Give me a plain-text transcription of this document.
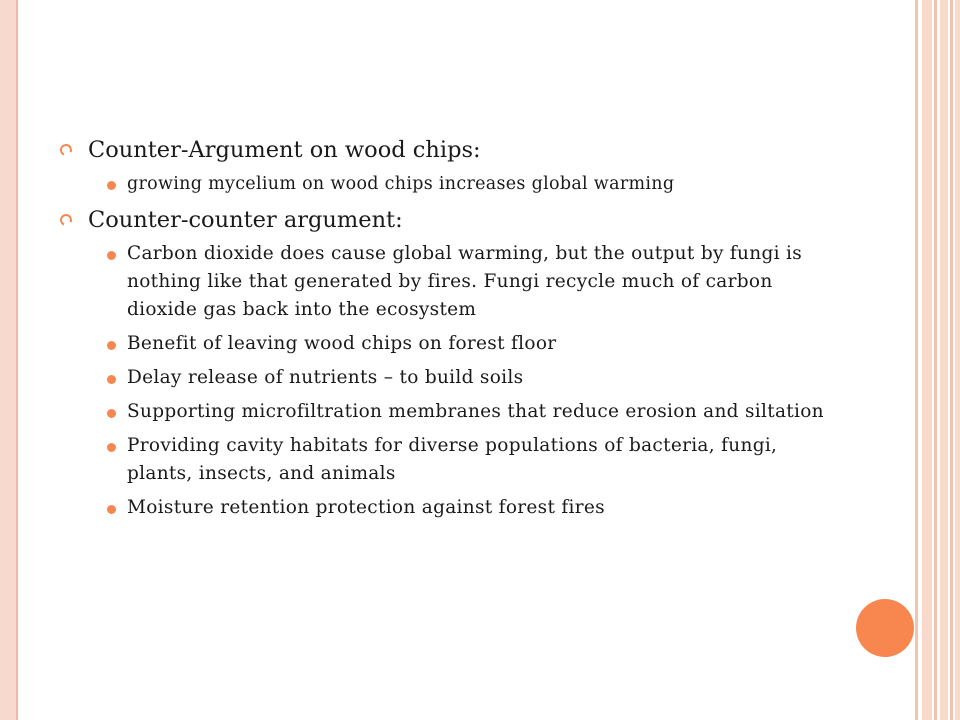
Counter-Argument on wood chips:
growing mycelium on wood chips increases global warming
Counter-counter argument:
Carbon dioxide does cause global warming, but the output by fungi is nothing like that generated by fires. Fungi recycle much of carbon dioxide gas back into the ecosystem
Benefit of leaving wood chips on forest floor
Delay release of nutrients – to build soils
Supporting microfiltration membranes that reduce erosion and siltation
Providing cavity habitats for diverse populations of bacteria, fungi, plants, insects, and animals
Moisture retention protection against forest fires
